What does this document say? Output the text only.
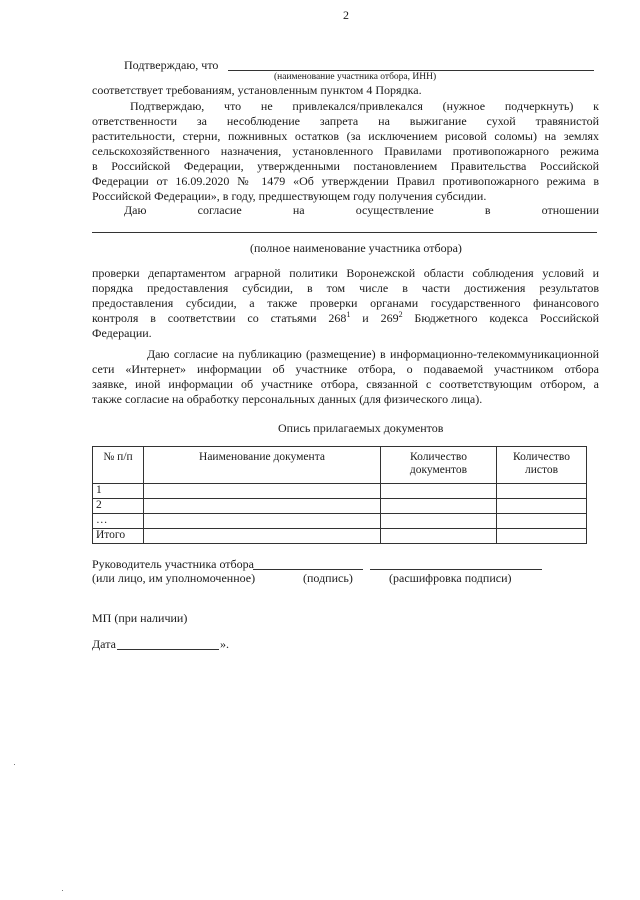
2
Подтверждаю, что
(наименование участника отбора, ИНН)
соответствует требованиям, установленным пунктом 4 Порядка.
Подтверждаю, что не привлекался/привлекался (нужное подчеркнуть) к
ответственности за несоблюдение запрета на выжигание сухой травянистой
растительности, стерни, пожнивных остатков (за исключением рисовой соломы) на землях
сельскохозяйственного назначения, установленного Правилами противопожарного режима
в Российской Федерации, утвержденными постановлением Правительства Российской
Федерации от 16.09.2020 № 1479 «Об утверждении Правил противопожарного режима в
Российской Федерации», в году, предшествующем году получения субсидии.
Даю согласие на осуществление в отношении
(полное наименование участника отбора)
проверки департаментом аграрной политики Воронежской области соблюдения условий и
порядка предоставления субсидии, в том числе в части достижения результатов
предоставления субсидии, а также проверки органами государственного финансового
контроля в соответствии со статьями $268^1$ и $269^2$ Бюджетного кодекса Российской
Федерации.
Даю согласие на публикацию (размещение) в информационно-телекоммуникационной
сети «Интернет» информации об участнике отбора, о подаваемой участником отбора
заявке, иной информации об участнике отбора, связанной с соответствующим отбором, а
также согласие на обработку персональных данных (для физического лица).
Опись прилагаемых документов
№ п/п	Наименование документа	Количество документов	Количество листов
1			
2			
…			
Итого			
Руководитель участника отбора
(или лицо, им уполномоченное)	(подпись)	(расшифровка подписи)
МП (при наличии)
Дата	».
